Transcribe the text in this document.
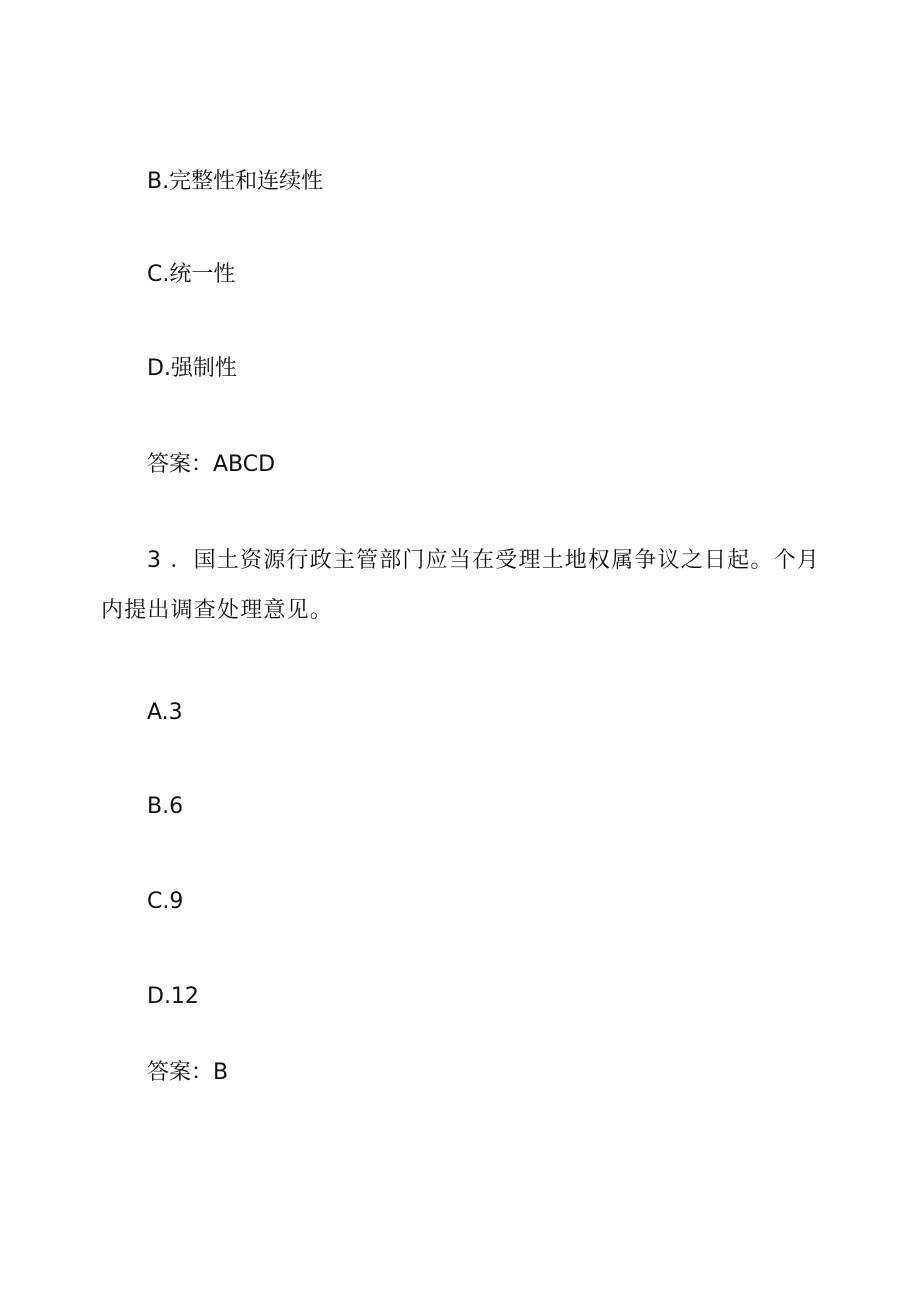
B.完整性和连续性
C.统一性
D.强制性
答案：ABCD
3 ．国土资源行政主管部门应当在受理土地权属争议之日起。个月
内提出调查处理意见。
A.3
B.6
C.9
D.12
答案：B
